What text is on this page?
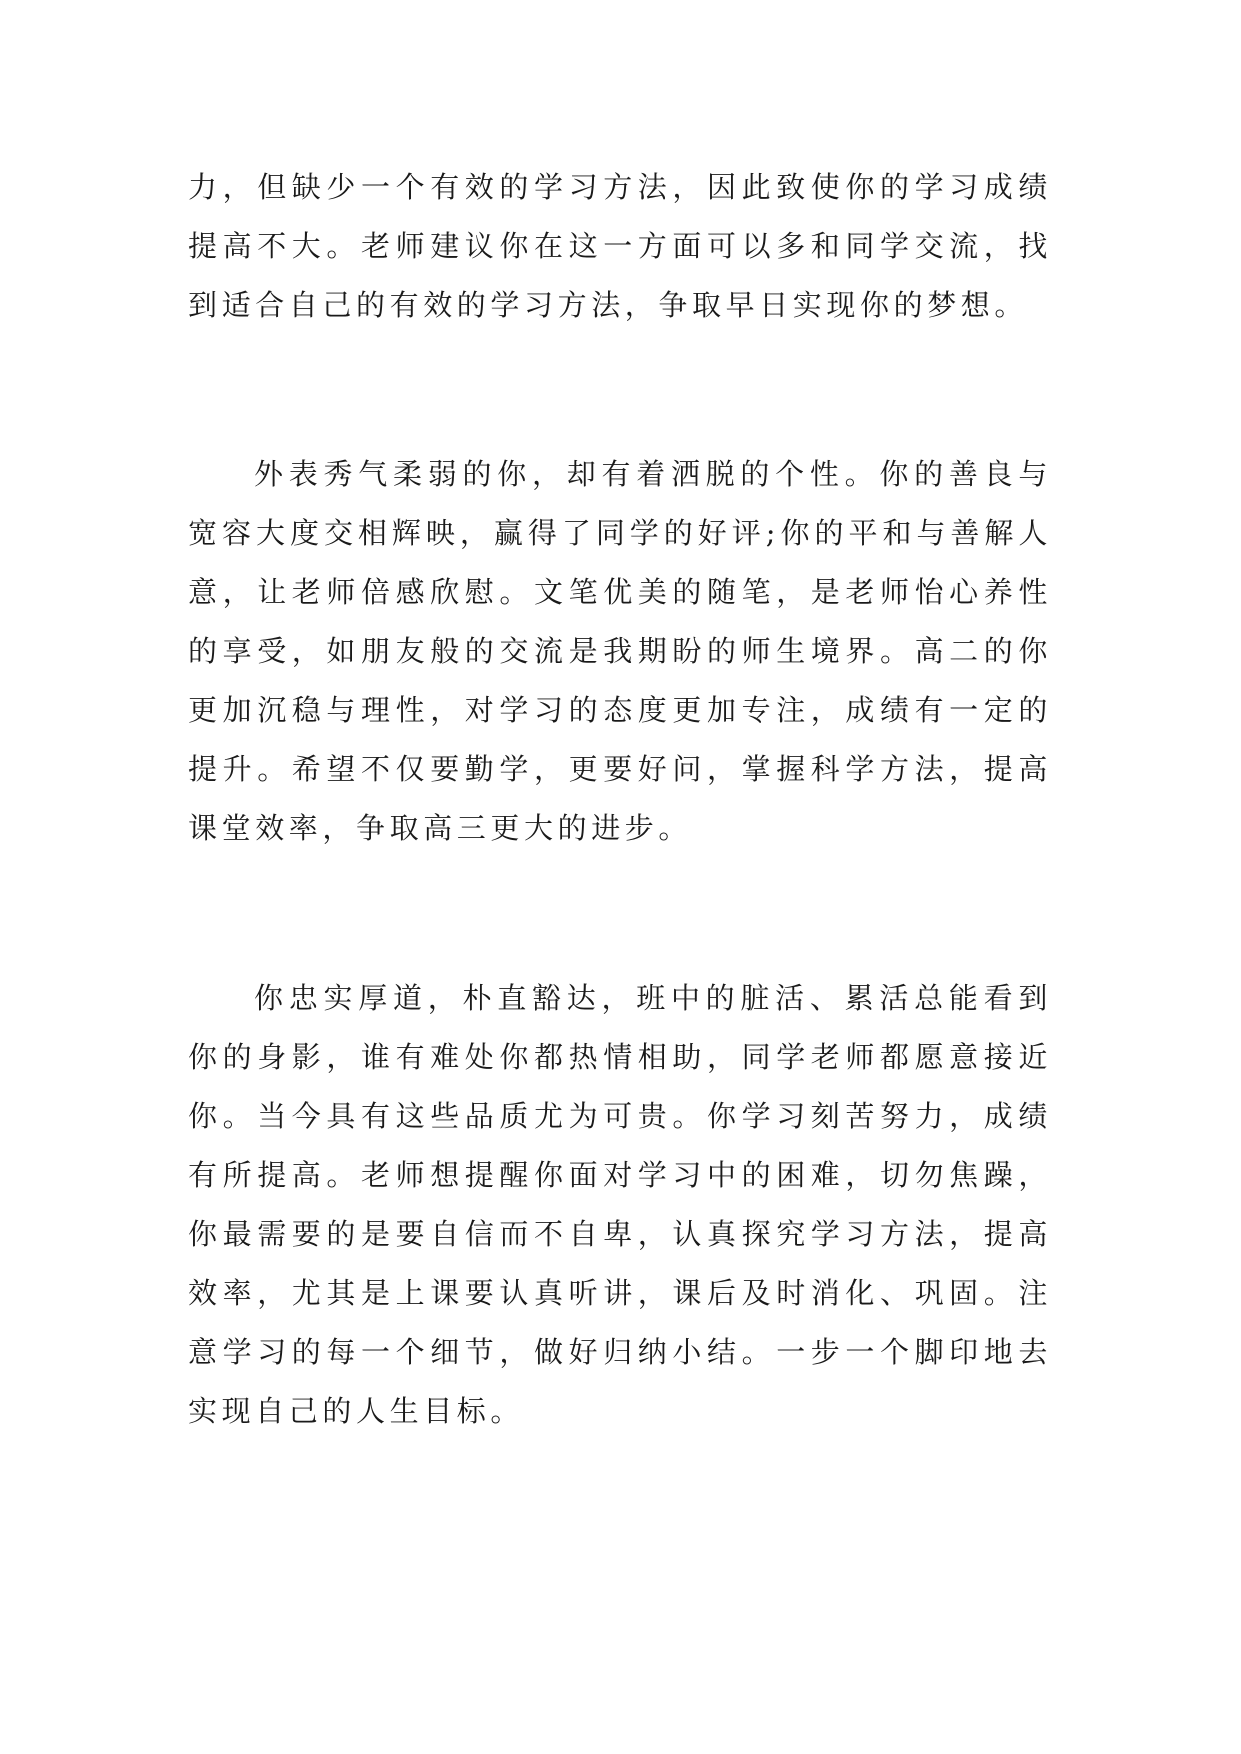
力，但缺少一个有效的学习方法，因此致使你的学习成绩提高不大。老师建议你在这一方面可以多和同学交流，找到适合自己的有效的学习方法，争取早日实现你的梦想。

外表秀气柔弱的你，却有着洒脱的个性。你的善良与宽容大度交相辉映，赢得了同学的好评;你的平和与善解人意，让老师倍感欣慰。文笔优美的随笔，是老师怡心养性的享受，如朋友般的交流是我期盼的师生境界。高二的你更加沉稳与理性，对学习的态度更加专注，成绩有一定的提升。希望不仅要勤学，更要好问，掌握科学方法，提高课堂效率，争取高三更大的进步。

你忠实厚道，朴直豁达，班中的脏活、累活总能看到你的身影，谁有难处你都热情相助，同学老师都愿意接近你。当今具有这些品质尤为可贵。你学习刻苦努力，成绩有所提高。老师想提醒你面对学习中的困难，切勿焦躁，你最需要的是要自信而不自卑，认真探究学习方法，提高效率，尤其是上课要认真听讲，课后及时消化、巩固。注意学习的每一个细节，做好归纳小结。一步一个脚印地去实现自己的人生目标。
